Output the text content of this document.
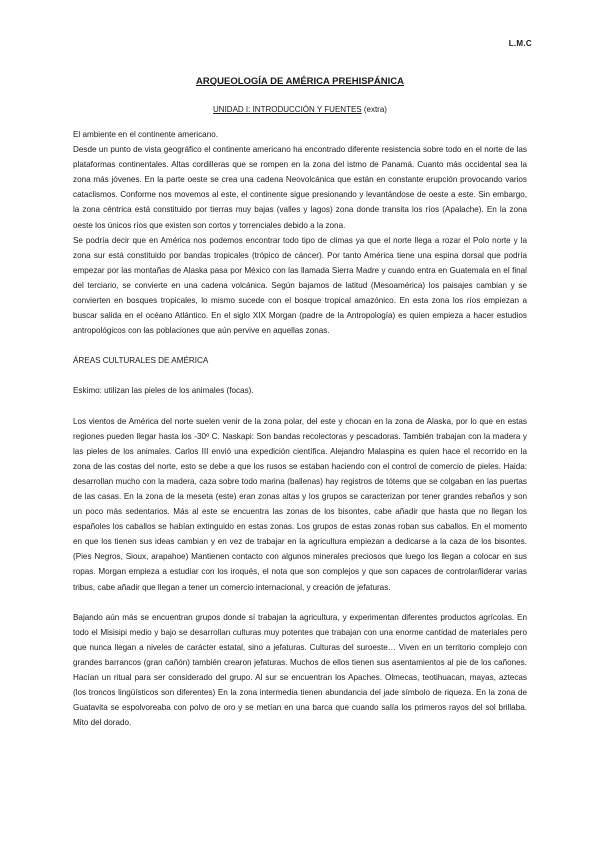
L.M.C
ARQUEOLOGÍA DE AMÉRICA PREHISPÁNICA
UNIDAD I: INTRODUCCIÓN Y FUENTES (extra)

El ambiente en el continente americano.

Desde un punto de vista geográfico el continente americano ha encontrado diferente resistencia sobre todo en el norte de las plataformas continentales. Altas cordilleras que se rompen en la zona del istmo de Panamá. Cuanto más occidental sea la zona más jóvenes. En la parte oeste se crea una cadena Neovolcánica que están en constante erupción provocando varios cataclismos. Conforme nos movemos al este, el continente sigue presionando y levantándose de oeste a este. Sin embargo, la zona céntrica está constituido por tierras muy bajas (valles y lagos) zona donde transita los ríos (Apalache). En la zona oeste los únicos ríos que existen son cortos y torrenciales debido a la zona.

Se podría decir que en América nos podemos encontrar todo tipo de climas ya que el norte llega a rozar el Polo norte y la zona sur está constituido por bandas tropicales (trópico de cáncer). Por tanto América tiene una espina dorsal que podría empezar por las montañas de Alaska pasa por México con las llamada Sierra Madre y cuando entra en Guatemala en el final del terciario, se convierte en una cadena volcánica. Según bajamos de latitud (Mesoamérica) los paisajes cambian y se convierten en bosques tropicales, lo mismo sucede con el bosque tropical amazónico. En esta zona los ríos empiezan a buscar salida en el océano Atlántico. En el siglo XIX Morgan (padre de la Antropología) es quien empieza a hacer estudios antropológicos con las poblaciones que aún pervive en aquellas zonas.

ÁREAS CULTURALES DE AMÉRICA

Eskimo: utilizan las pieles de los animales (focas).

Los vientos de América del norte suelen venir de la zona polar, del este y chocan en la zona de Alaska, por lo que en estas regiones pueden llegar hasta los -30º C. Naskapi: Son bandas recolectoras y pescadoras. También trabajan con la madera y las pieles de los animales. Carlos III envió una expedición científica. Alejandro Malaspina es quien hace el recorrido en la zona de las costas del norte, esto se debe a que los rusos se estaban haciendo con el control de comercio de pieles. Haida: desarrollan mucho con la madera, caza sobre todo marina (ballenas) hay registros de tótems que se colgaban en las puertas de las casas. En la zona de la meseta (este) eran zonas altas y los grupos se caracterizan por tener grandes rebaños y son un poco más sedentarios. Más al este se encuentra las zonas de los bisontes, cabe añadir que hasta que no llegan los españoles los caballos se habían extinguido en estas zonas. Los grupos de estas zonas roban sus caballos. En el momento en que los tienen sus ideas cambian y en vez de trabajar en la agricultura empiezan a dedicarse a la caza de los bisontes. (Pies Negros, Sioux, arapahoe) Mantienen contacto con algunos minerales preciosos que luego los llegan a colocar en sus ropas. Morgan empieza a estudiar con los iroqués, el nota que son complejos y que son capaces de controlar/liderar varias tribus, cabe añadir que llegan a tener un comercio internacional, y creación de jefaturas.

Bajando aún más se encuentran grupos donde sí trabajan la agricultura, y experimentan diferentes productos agrícolas. En todo el Misisipi medio y bajo se desarrollan culturas muy potentes que trabajan con una enorme cantidad de materiales pero que nunca llegan a niveles de carácter estatal, sino a jefaturas. Culturas del suroeste… Viven en un territorio complejo con grandes barrancos (gran cañón) también crearon jefaturas. Muchos de ellos tienen sus asentamientos al pie de los cañones. Hacían un ritual para ser considerado del grupo. Al sur se encuentran los Apaches. Olmecas, teotihuacan, mayas, aztecas (los troncos lingüísticos son diferentes) En la zona intermedia tienen abundancia del jade símbolo de riqueza. En la zona de Guatavita se espolvoreaba con polvo de oro y se metían en una barca que cuando salía los primeros rayos del sol brillaba. Mito del dorado.
